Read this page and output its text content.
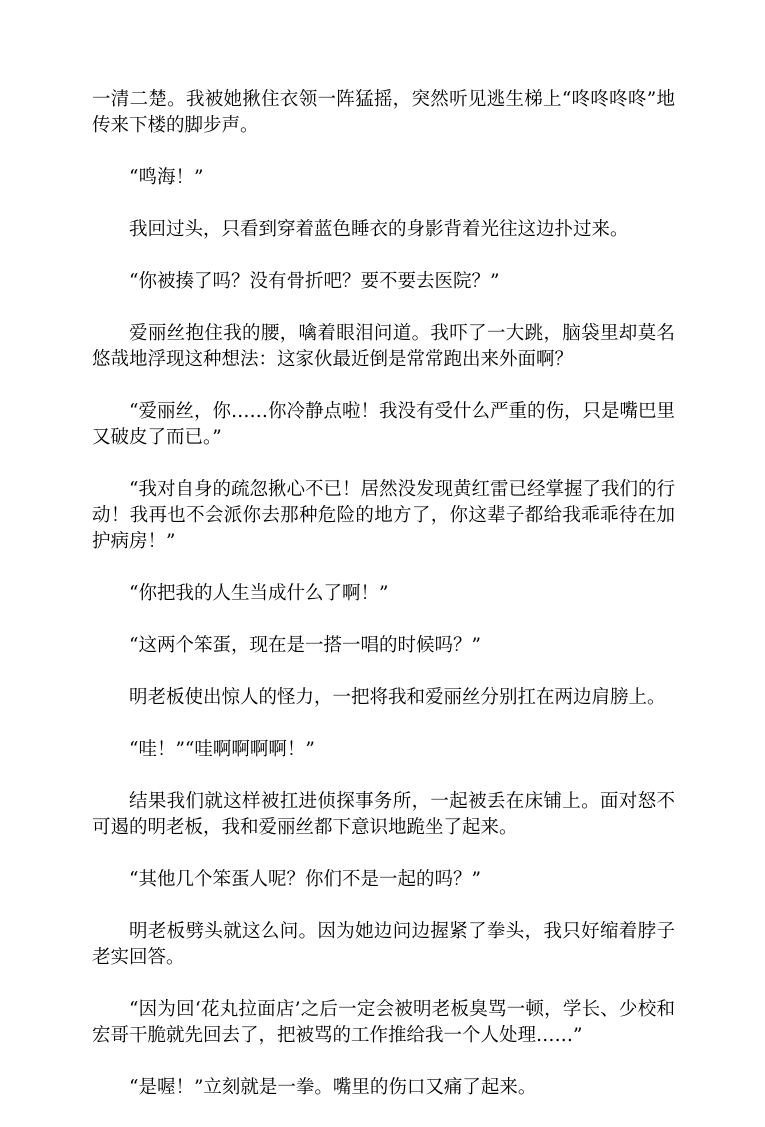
一清二楚。我被她揪住衣领一阵猛摇，突然听见逃生梯上“咚咚咚咚”地传来下楼的脚步声。

“鸣海！”

我回过头，只看到穿着蓝色睡衣的身影背着光往这边扑过来。

“你被揍了吗？没有骨折吧？要不要去医院？”

爱丽丝抱住我的腰，噙着眼泪问道。我吓了一大跳，脑袋里却莫名悠哉地浮现这种想法：这家伙最近倒是常常跑出来外面啊？

“爱丽丝，你……你冷静点啦！我没有受什么严重的伤，只是嘴巴里又破皮了而已。”

“我对自身的疏忽揪心不已！居然没发现黄红雷已经掌握了我们的行动！我再也不会派你去那种危险的地方了，你这辈子都给我乖乖待在加护病房！”

“你把我的人生当成什么了啊！”

“这两个笨蛋，现在是一搭一唱的时候吗？”

明老板使出惊人的怪力，一把将我和爱丽丝分别扛在两边肩膀上。

“哇！”“哇啊啊啊啊！”

结果我们就这样被扛进侦探事务所，一起被丢在床铺上。面对怒不可遏的明老板，我和爱丽丝都下意识地跪坐了起来。

“其他几个笨蛋人呢？你们不是一起的吗？”

明老板劈头就这么问。因为她边问边握紧了拳头，我只好缩着脖子老实回答。

“因为回‘花丸拉面店’之后一定会被明老板臭骂一顿，学长、少校和宏哥干脆就先回去了，把被骂的工作推给我一个人处理……”

“是喔！”立刻就是一拳。嘴里的伤口又痛了起来。
